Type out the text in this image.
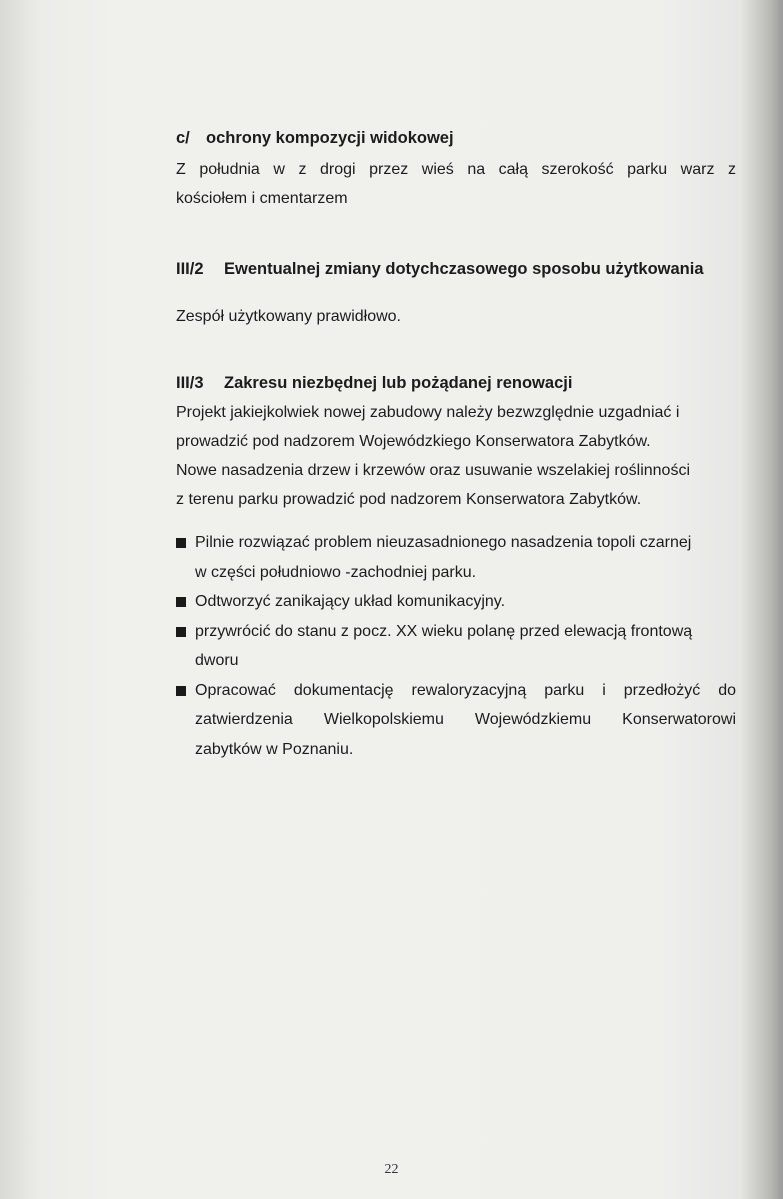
c/ ochrony kompozycji widokowej
Z południa w z drogi przez wieś na całą szerokość parku warz z
kościołem i cmentarzem
III/2 Ewentualnej zmiany dotychczasowego sposobu użytkowania
Zespół użytkowany prawidłowo.
III/3 Zakresu niezbędnej lub pożądanej renowacji
Projekt jakiejkolwiek nowej zabudowy należy bezwzględnie uzgadniać i
prowadzić pod nadzorem Wojewódzkiego Konserwatora Zabytków.
Nowe nasadzenia drzew i krzewów oraz usuwanie wszelakiej roślinności
z terenu parku prowadzić pod nadzorem Konserwatora Zabytków.
Pilnie rozwiązać problem nieuzasadnionego nasadzenia topoli czarnej
w części południowo -zachodniej parku.
Odtworzyć zanikający układ komunikacyjny.
przywrócić do stanu z pocz. XX wieku polanę przed elewacją frontową
dworu
Opracować dokumentację rewaloryzacyjną parku i przedłożyć do
zatwierdzenia Wielkopolskiemu Wojewódzkiemu Konserwatorowi
zabytków w Poznaniu.
22
